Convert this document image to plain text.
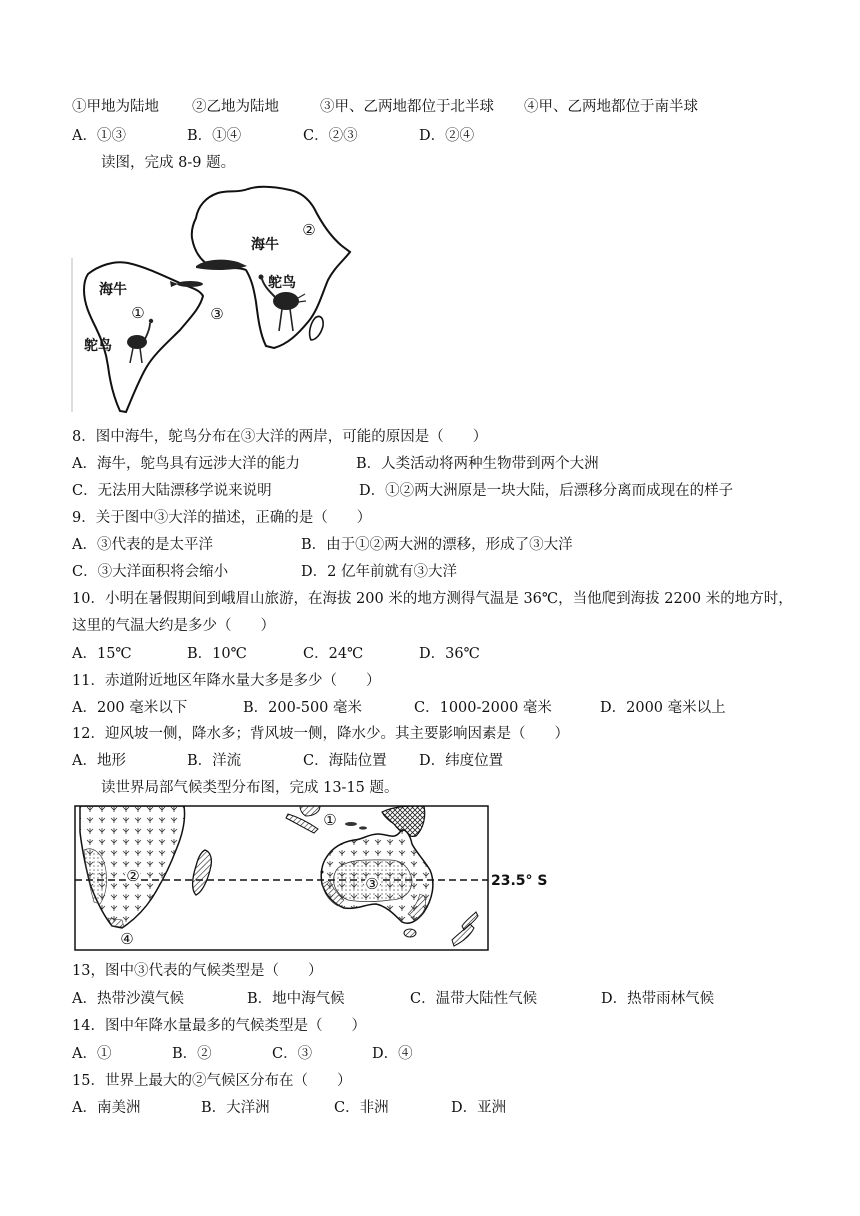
①甲地为陆地 ②乙地为陆地	③甲、乙两地都位于北半球 ④甲、乙两地都位于南半球
A．①③	B．①④	C．②③	D．②④
读图，完成 8-9 题。
海牛
②
鸵鸟
海牛
①	③
鸵鸟
8．图中海牛，鸵鸟分布在③大洋的两岸，可能的原因是（　　）
A．海牛，鸵鸟具有远涉大洋的能力	B．人类活动将两种生物带到两个大洲
C．无法用大陆漂移学说来说明	D．①②两大洲原是一块大陆，后漂移分离而成现在的样子
9．关于图中③大洋的描述，正确的是（　　）
A．③代表的是太平洋	B．由于①②两大洲的漂移，形成了③大洋
C．③大洋面积将会缩小	D．2 亿年前就有③大洋
10．小明在暑假期间到峨眉山旅游，在海拔 200 米的地方测得气温是 36℃，当他爬到海拔 2200 米的地方时，
这里的气温大约是多少（　　）
A．15℃	B．10℃	C．24℃	D．36℃
11．赤道附近地区年降水量大多是多少（　　）
A．200 毫米以下	B．200-500 毫米	C．1000-2000 毫米	D．2000 毫米以上
12．迎风坡一侧，降水多；背风坡一侧，降水少。其主要影响因素是（　　）
A．地形	B．洋流	C．海陆位置 D．纬度位置
读世界局部气候类型分布图，完成 13-15 题。
①
②	③
④
23.5° S
13，图中③代表的气候类型是（　　）
A．热带沙漠气候	B．地中海气候	C．温带大陆性气候	D．热带雨林气候
14．图中年降水量最多的气候类型是（　　）
A．①	B．②	C．③	D．④
15．世界上最大的②气候区分布在（　　）
A．南美洲	B．大洋洲	C．非洲	D．亚洲
